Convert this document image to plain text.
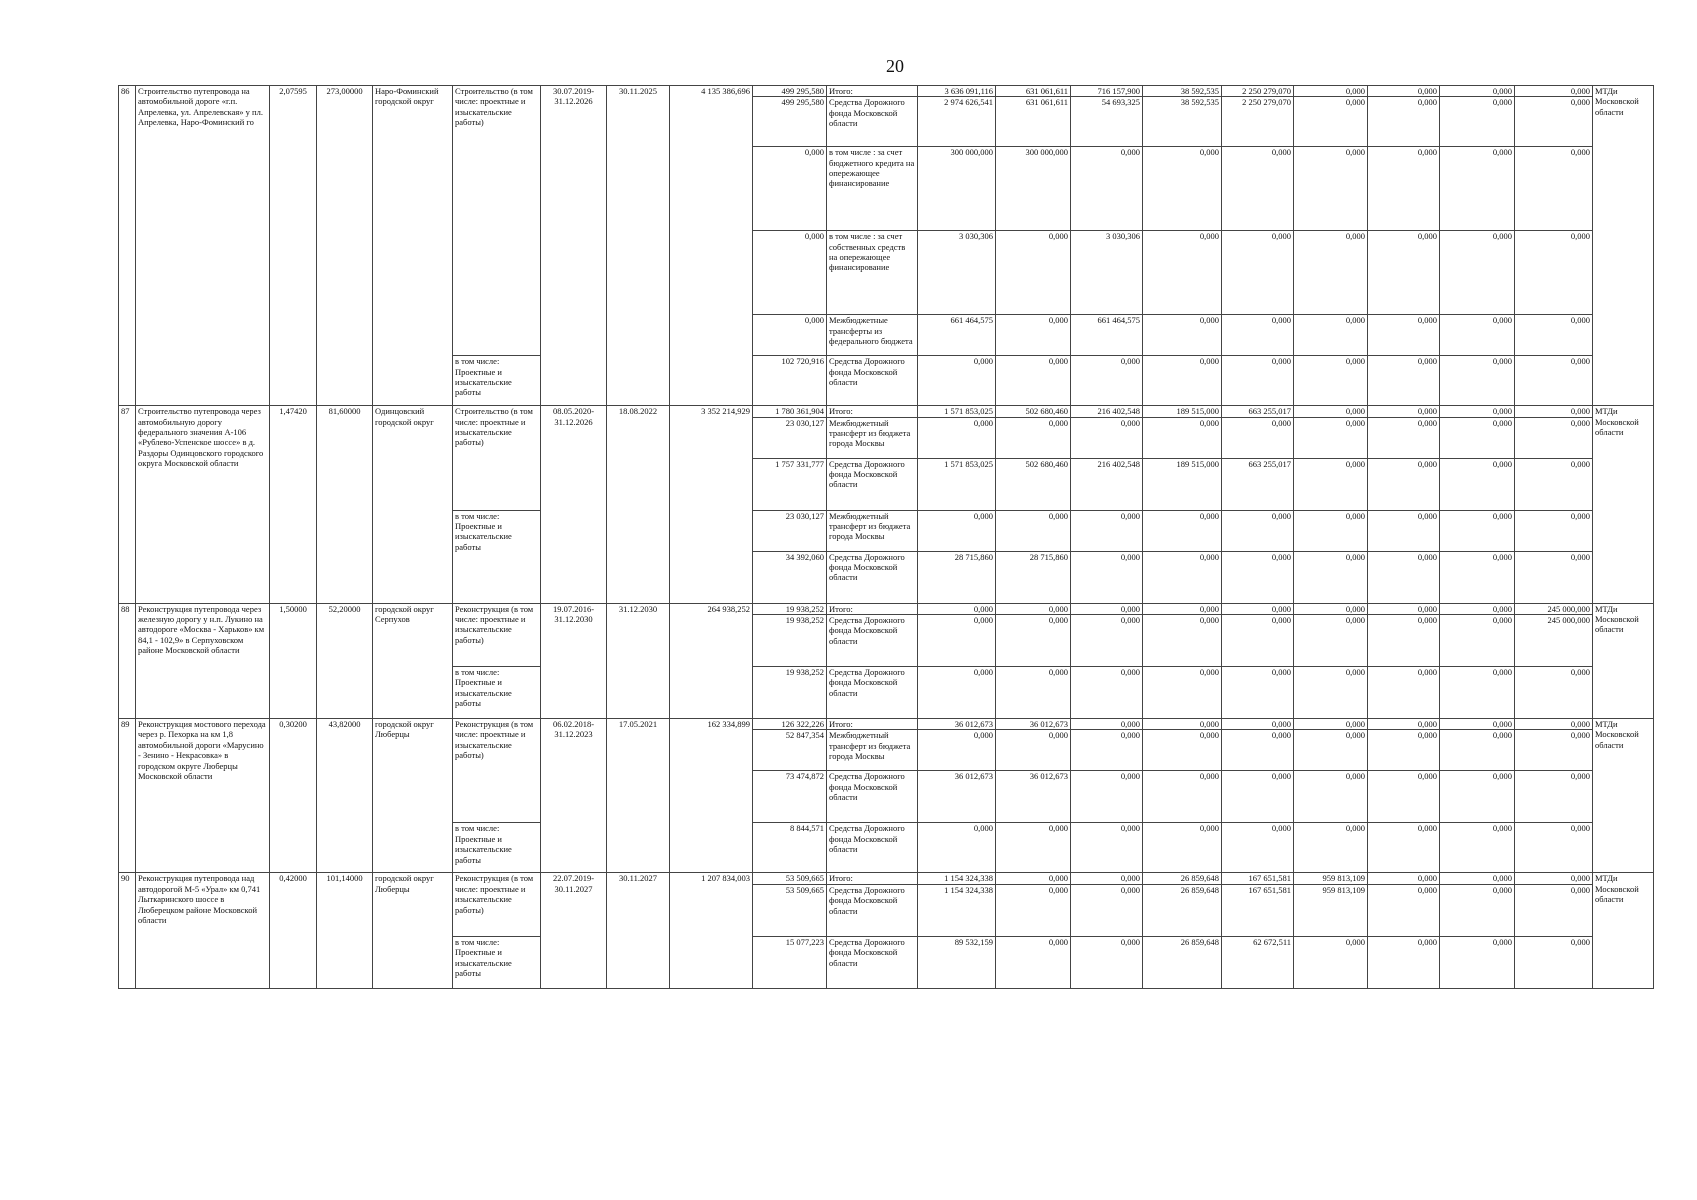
20
86	Строительство путепровода на автомобильной дороге «г.п. Апрелевка, ул. Апрелевская» у пл. Апрелевка, Наро-Фоминский го	2,07595	273,00000	Наро-Фоминский городской округ	Строительство (в том числе: проектные и изыскательские работы)	30.07.2019-31.12.2026	30.11.2025	4 135 386,696	499 295,580	Итого:	3 636 091,116	631 061,611	716 157,900	38 592,535	2 250 279,070	0,000	0,000	0,000	0,000	МТДи Московской области
									499 295,580	Средства Дорожного фонда Московской области	2 974 626,541	631 061,611	54 693,325	38 592,535	2 250 279,070	0,000	0,000	0,000	0,000	
									0,000	в том числе : за счет бюджетного кредита на опережающее финансирование	300 000,000	300 000,000	0,000	0,000	0,000	0,000	0,000	0,000	0,000	
									0,000	в том числе : за счет собственных средств на опережающее финансирование	3 030,306	0,000	3 030,306	0,000	0,000	0,000	0,000	0,000	0,000	
									0,000	Межбюджетные трансферты из федерального бюджета	661 464,575	0,000	661 464,575	0,000	0,000	0,000	0,000	0,000	0,000	
					в том числе: Проектные и изыскательские работы				102 720,916	Средства Дорожного фонда Московской области	0,000	0,000	0,000	0,000	0,000	0,000	0,000	0,000	0,000	
87	Строительство путепровода через автомобильную дорогу федерального значения А-106 «Рублево-Успенское шоссе» в д. Раздоры Одинцовского городского округа Московской области	1,47420	81,60000	Одинцовский городской округ	Строительство (в том числе: проектные и изыскательские работы)	08.05.2020-31.12.2026	18.08.2022	3 352 214,929	1 780 361,904	Итого:	1 571 853,025	502 680,460	216 402,548	189 515,000	663 255,017	0,000	0,000	0,000	0,000	МТДи Московской области
									23 030,127	Межбюджетный трансферт из бюджета города Москвы	0,000	0,000	0,000	0,000	0,000	0,000	0,000	0,000	0,000	
									1 757 331,777	Средства Дорожного фонда Московской области	1 571 853,025	502 680,460	216 402,548	189 515,000	663 255,017	0,000	0,000	0,000	0,000	
					в том числе: Проектные и изыскательские работы				23 030,127	Межбюджетный трансферт из бюджета города Москвы	0,000	0,000	0,000	0,000	0,000	0,000	0,000	0,000	0,000	
									34 392,060	Средства Дорожного фонда Московской области	28 715,860	28 715,860	0,000	0,000	0,000	0,000	0,000	0,000	0,000	
88	Реконструкция путепровода через железную дорогу у н.п. Лукино на автодороге «Москва - Харьков» км 84,1 - 102,9» в Серпуховском районе Московской области	1,50000	52,20000	городской округ Серпухов	Реконструкция (в том числе: проектные и изыскательские работы)	19.07.2016-31.12.2030	31.12.2030	264 938,252	19 938,252	Итого:	0,000	0,000	0,000	0,000	0,000	0,000	0,000	0,000	245 000,000	МТДи Московской области
									19 938,252	Средства Дорожного фонда Московской области	0,000	0,000	0,000	0,000	0,000	0,000	0,000	0,000	245 000,000	
					в том числе: Проектные и изыскательские работы				19 938,252	Средства Дорожного фонда Московской области	0,000	0,000	0,000	0,000	0,000	0,000	0,000	0,000	0,000	
89	Реконструкция мостового перехода через р. Пехорка на км 1,8 автомобильной дороги «Марусино - Зенино - Некрасовка» в городском округе Люберцы Московской области	0,30200	43,82000	городской округ Люберцы	Реконструкция (в том числе: проектные и изыскательские работы)	06.02.2018-31.12.2023	17.05.2021	162 334,899	126 322,226	Итого:	36 012,673	36 012,673	0,000	0,000	0,000	0,000	0,000	0,000	0,000	МТДи Московской области
									52 847,354	Межбюджетный трансферт из бюджета города Москвы	0,000	0,000	0,000	0,000	0,000	0,000	0,000	0,000	0,000	
									73 474,872	Средства Дорожного фонда Московской области	36 012,673	36 012,673	0,000	0,000	0,000	0,000	0,000	0,000	0,000	
					в том числе: Проектные и изыскательские работы				8 844,571	Средства Дорожного фонда Московской области	0,000	0,000	0,000	0,000	0,000	0,000	0,000	0,000	0,000	
90	Реконструкция путепровода над автодорогой М-5 «Урал» км 0,741 Лыткаринского шоссе в Люберецком районе Московской области	0,42000	101,14000	городской округ Люберцы	Реконструкция (в том числе: проектные и изыскательские работы)	22.07.2019-30.11.2027	30.11.2027	1 207 834,003	53 509,665	Итого:	1 154 324,338	0,000	0,000	26 859,648	167 651,581	959 813,109	0,000	0,000	0,000	МТДи Московской области
									53 509,665	Средства Дорожного фонда Московской области	1 154 324,338	0,000	0,000	26 859,648	167 651,581	959 813,109	0,000	0,000	0,000	
					в том числе: Проектные и изыскательские работы				15 077,223	Средства Дорожного фонда Московской области	89 532,159	0,000	0,000	26 859,648	62 672,511	0,000	0,000	0,000	0,000	
